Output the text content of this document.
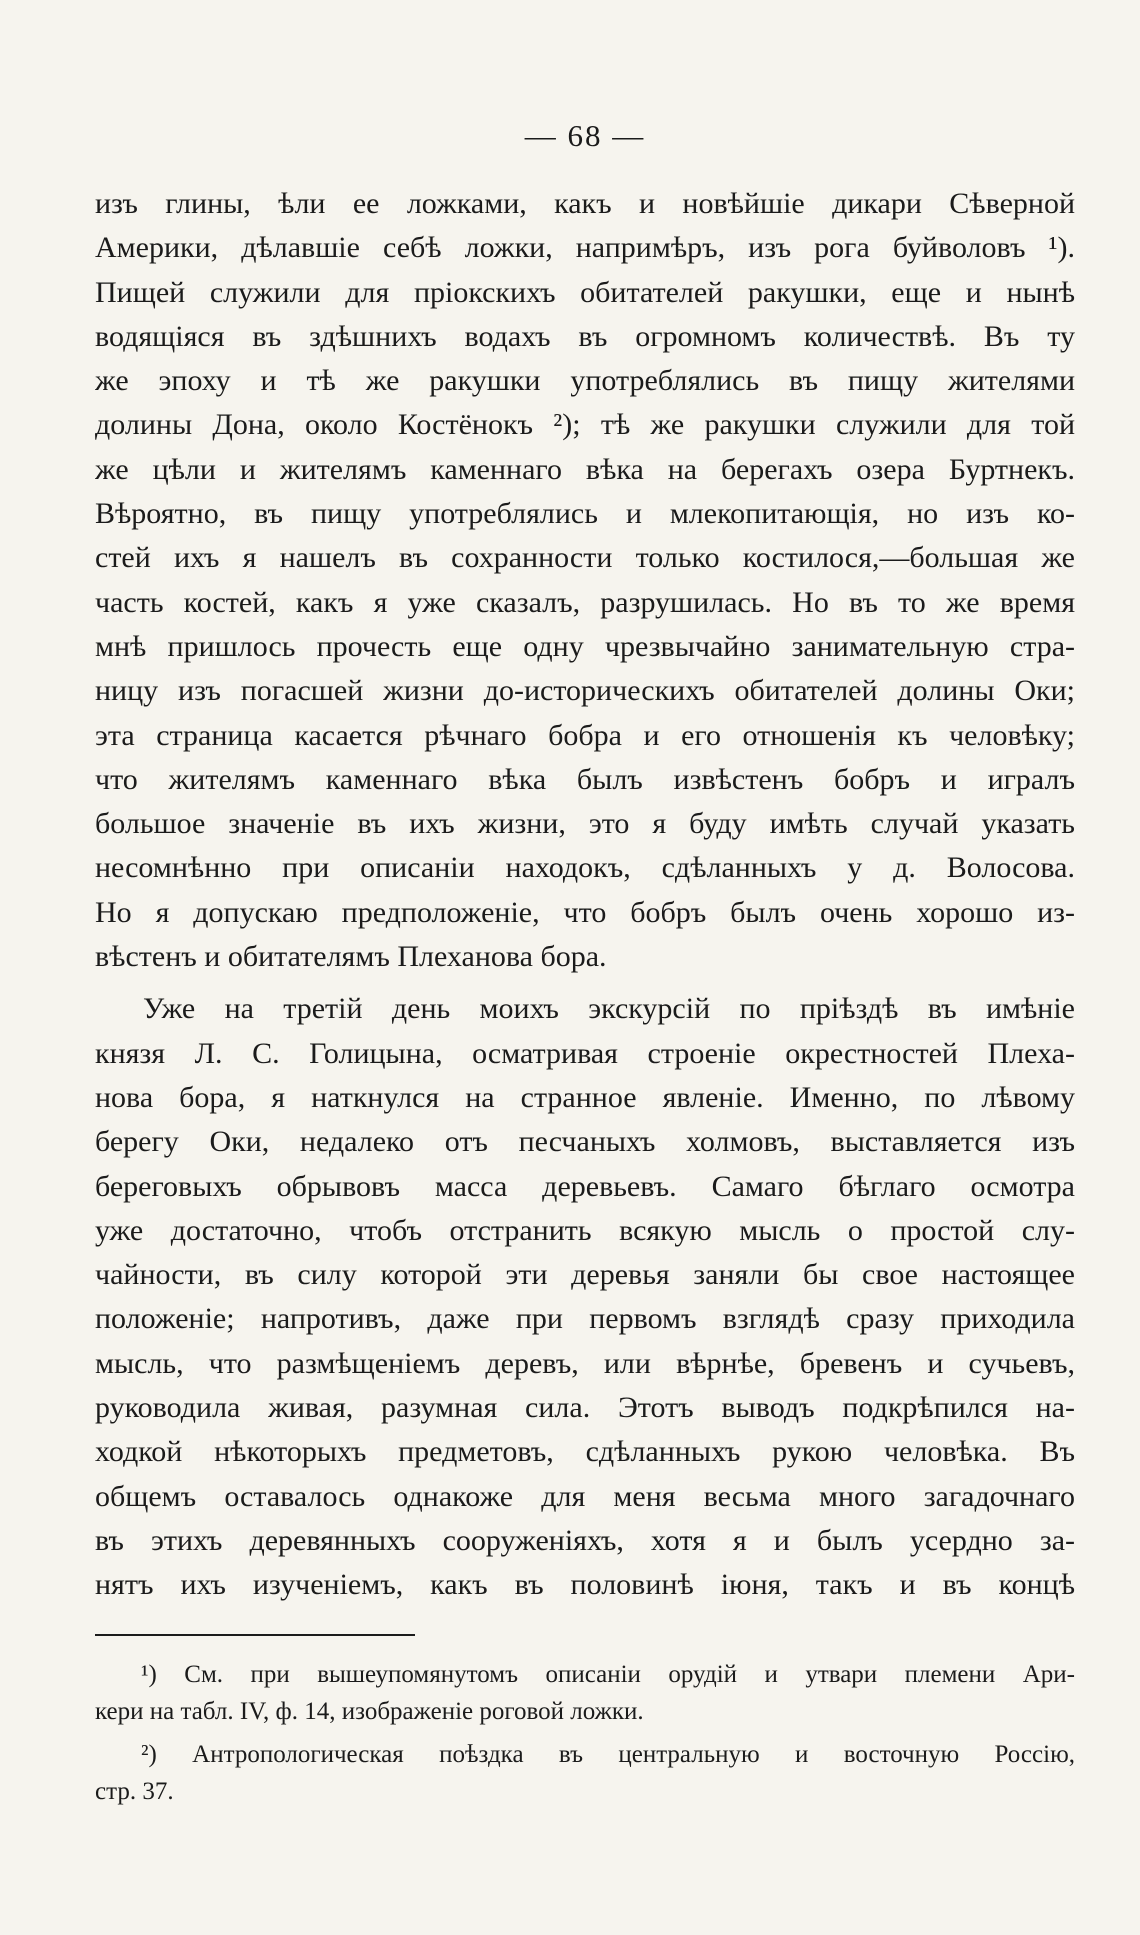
— 68 —
изъ глины, ѣли ее ложками, какъ и новѣйшіе дикари Сѣверной
Америки, дѣлавшіе себѣ ложки, напримѣръ, изъ рога буйволовъ ¹).
Пищей служили для пріокскихъ обитателей ракушки, еще и нынѣ
водящіяся въ здѣшнихъ водахъ въ огромномъ количествѣ. Въ ту
же эпоху и тѣ же ракушки употреблялись въ пищу жителями
долины Дона, около Костёнокъ ²); тѣ же ракушки служили для той
же цѣли и жителямъ каменнаго вѣка на берегахъ озера Буртнекъ.
Вѣроятно, въ пищу употреблялись и млекопитающія, но изъ ко-
стей ихъ я нашелъ въ сохранности только костилося,—большая же
часть костей, какъ я уже сказалъ, разрушилась. Но въ то же время
мнѣ пришлось прочесть еще одну чрезвычайно занимательную стра-
ницу изъ погасшей жизни до-историческихъ обитателей долины Оки;
эта страница касается рѣчнаго бобра и его отношенія къ человѣку;
что жителямъ каменнаго вѣка былъ извѣстенъ бобръ и игралъ
большое значеніе въ ихъ жизни, это я буду имѣть случай указать
несомнѣнно при описаніи находокъ, сдѣланныхъ у д. Волосова.
Но я допускаю предположеніе, что бобръ былъ очень хорошо из-
вѣстенъ и обитателямъ Плеханова бора.
Уже на третій день моихъ экскурсій по пріѣздѣ въ имѣніе
князя Л. С. Голицына, осматривая строеніе окрестностей Плеха-
нова бора, я наткнулся на странное явленіе. Именно, по лѣвому
берегу Оки, недалеко отъ песчаныхъ холмовъ, выставляется изъ
береговыхъ обрывовъ масса деревьевъ. Самаго бѣглаго осмотра
уже достаточно, чтобъ отстранить всякую мысль о простой слу-
чайности, въ силу которой эти деревья заняли бы свое настоящее
положеніе; напротивъ, даже при первомъ взглядѣ сразу приходила
мысль, что размѣщеніемъ деревъ, или вѣрнѣе, бревенъ и сучьевъ,
руководила живая, разумная сила. Этотъ выводъ подкрѣпился на-
ходкой нѣкоторыхъ предметовъ, сдѣланныхъ рукою человѣка. Въ
общемъ оставалось однакоже для меня весьма много загадочнаго
въ этихъ деревянныхъ сооруженіяхъ, хотя я и былъ усердно за-
нятъ ихъ изученіемъ, какъ въ половинѣ іюня, такъ и въ концѣ
¹) См. при вышеупомянутомъ описаніи орудій и утвари племени Ари-
кери на табл. IV, ф. 14, изображеніе роговой ложки.
²) Антропологическая поѣздка въ центральную и восточную Россію,
стр. 37.
